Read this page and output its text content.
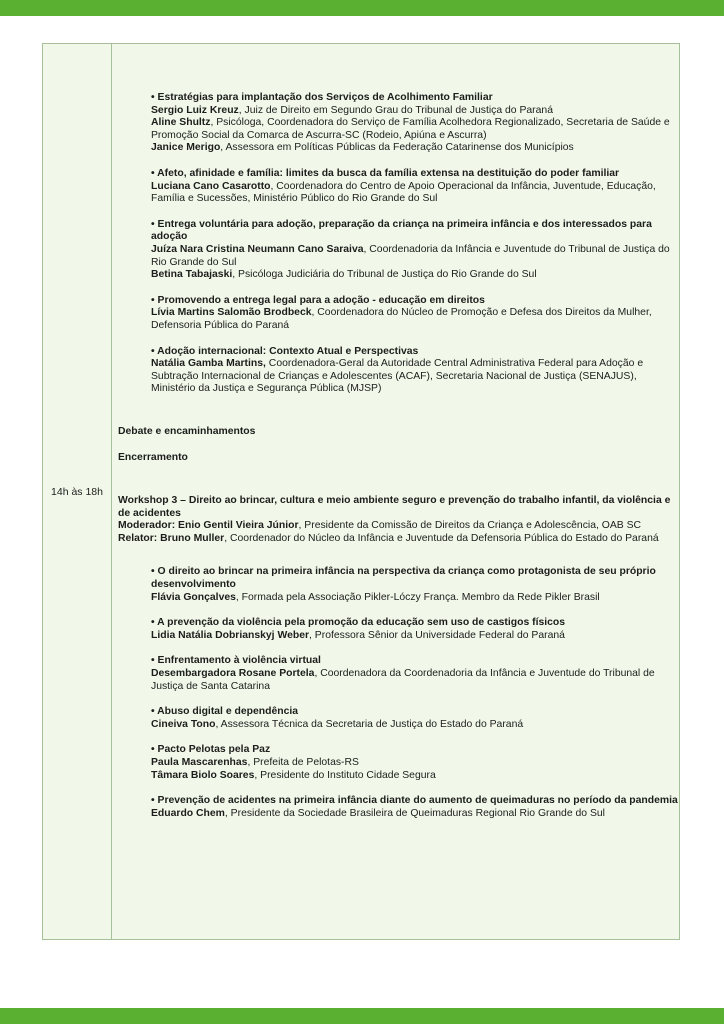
14h às 18h

• Estratégias para implantação dos Serviços de Acolhimento Familiar

Sergio Luiz Kreuz, Juiz de Direito em Segundo Grau do Tribunal de Justiça do Paraná

Aline Shultz, Psicóloga, Coordenadora do Serviço de Família Acolhedora Regionalizado, Secretaria de Saúde e Promoção Social da Comarca de Ascurra-SC (Rodeio, Apiúna e Ascurra)

Janice Merigo, Assessora em Políticas Públicas da Federação Catarinense dos Municípios

• Afeto, afinidade e família: limites da busca da família extensa na destituição do poder familiar

Luciana Cano Casarotto, Coordenadora do Centro de Apoio Operacional da Infância, Juventude, Educação, Família e Sucessões, Ministério Público do Rio Grande do Sul

• Entrega voluntária para adoção, preparação da criança na primeira infância e dos interessados para adoção

Juíza Nara Cristina Neumann Cano Saraiva, Coordenadoria da Infância e Juventude do Tribunal de Justiça do Rio Grande do Sul

Betina Tabajaski, Psicóloga Judiciária do Tribunal de Justiça do Rio Grande do Sul

• Promovendo a entrega legal para a adoção - educação em direitos

Lívia Martins Salomão Brodbeck, Coordenadora do Núcleo de Promoção e Defesa dos Direitos da Mulher, Defensoria Pública do Paraná

• Adoção internacional: Contexto Atual e Perspectivas

Natália Gamba Martins, Coordenadora-Geral da Autoridade Central Administrativa Federal para Adoção e Subtração Internacional de Crianças e Adolescentes (ACAF), Secretaria Nacional de Justiça (SENAJUS), Ministério da Justiça e Segurança Pública (MJSP)

Debate e encaminhamentos

Encerramento

Workshop 3 – Direito ao brincar, cultura e meio ambiente seguro e prevenção do trabalho infantil, da violência e de acidentes

Moderador: Enio Gentil Vieira Júnior, Presidente da Comissão de Direitos da Criança e Adolescência, OAB SC

Relator: Bruno Muller, Coordenador do Núcleo da Infância e Juventude da Defensoria Pública do Estado do Paraná

• O direito ao brincar na primeira infância na perspectiva da criança como protagonista de seu próprio desenvolvimento

Flávia Gonçalves, Formada pela Associação Pikler-Lóczy França. Membro da Rede Pikler Brasil

• A prevenção da violência pela promoção da educação sem uso de castigos físicos

Lidia Natália Dobrianskyj Weber, Professora Sênior da Universidade Federal do Paraná

• Enfrentamento à violência virtual

Desembargadora Rosane Portela, Coordenadora da Coordenadoria da Infância e Juventude do Tribunal de Justiça de Santa Catarina

• Abuso digital e dependência

Cineiva Tono, Assessora Técnica da Secretaria de Justiça do Estado do Paraná

• Pacto Pelotas pela Paz

Paula Mascarenhas, Prefeita de Pelotas-RS

Tâmara Biolo Soares, Presidente do Instituto Cidade Segura

• Prevenção de acidentes na primeira infância diante do aumento de queimaduras no período da pandemia

Eduardo Chem, Presidente da Sociedade Brasileira de Queimaduras Regional Rio Grande do Sul
